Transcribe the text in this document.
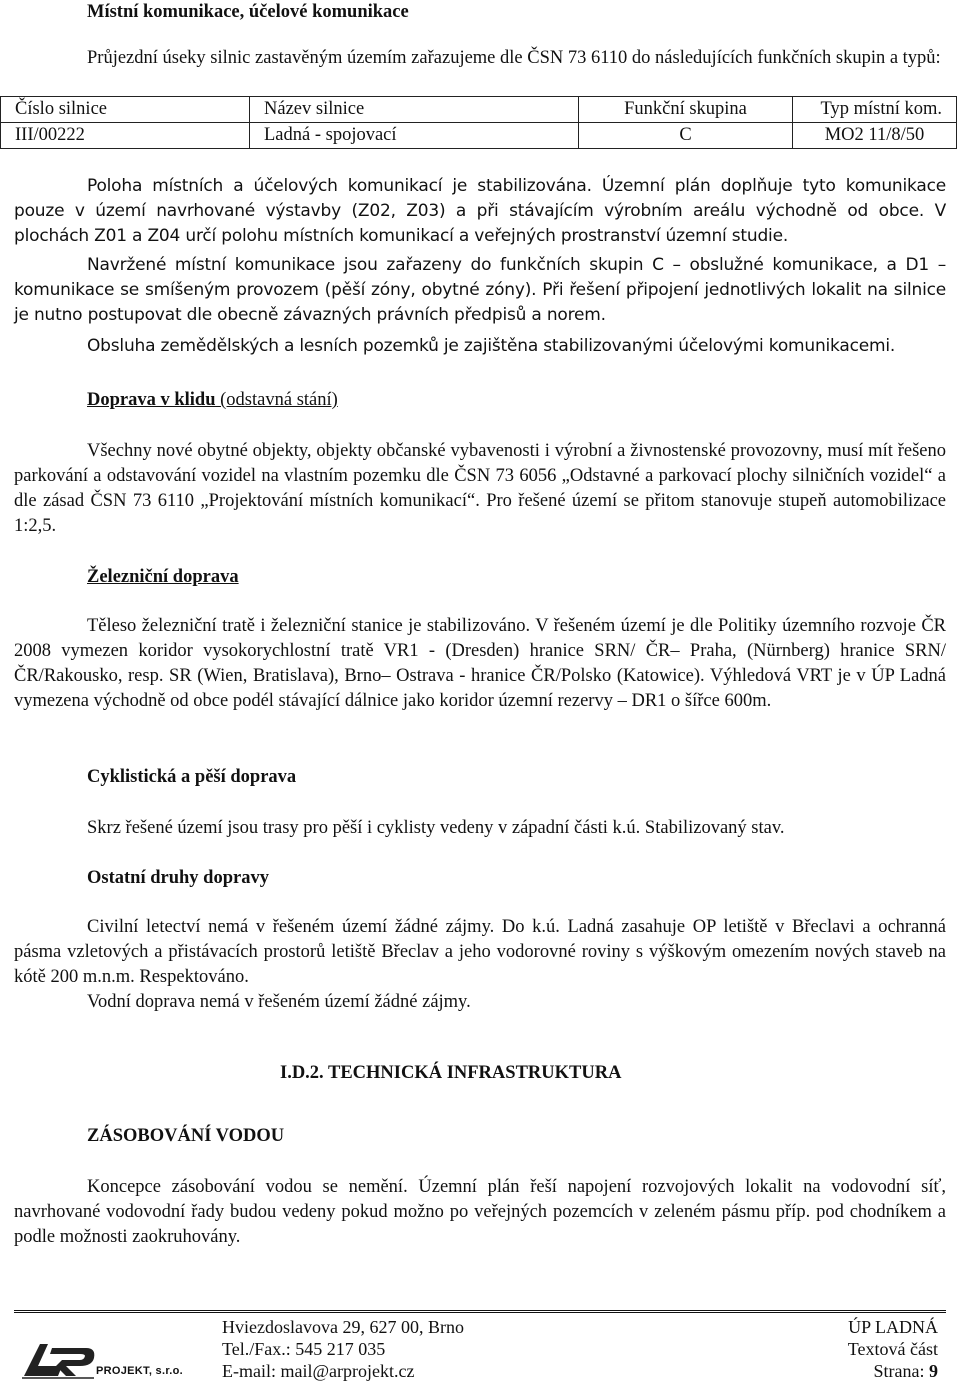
Místní komunikace, účelové komunikace
Průjezdní úseky silnic zastavěným územím zařazujeme dle ČSN 73 6110 do následujících funkčních skupin a typů:
Číslo silnice	Název silnice	Funkční skupina	Typ místní kom.
III/00222	Ladná - spojovací	C	MO2 11/8/50
Poloha místních a účelových komunikací je stabilizována. Územní plán doplňuje tyto komunikace pouze v území navrhované výstavby (Z02, Z03) a při stávajícím výrobním areálu východně od obce. V plochách Z01 a Z04 určí polohu místních komunikací a veřejných prostranství územní studie.
Navržené místní komunikace jsou zařazeny do funkčních skupin C – obslužné komunikace, a D1 – komunikace se smíšeným provozem (pěší zóny, obytné zóny). Při řešení připojení jednotlivých lokalit na silnice je nutno postupovat dle obecně závazných právních předpisů a norem.
Obsluha zemědělských a lesních pozemků je zajištěna stabilizovanými účelovými komunikacemi.
Doprava v klidu (odstavná stání)
Všechny nové obytné objekty, objekty občanské vybavenosti i výrobní a živnostenské provozovny, musí mít řešeno parkování a odstavování vozidel na vlastním pozemku dle ČSN 73 6056 „Odstavné a parkovací plochy silničních vozidel“ a dle zásad ČSN 73 6110 „Projektování místních komunikací“. Pro řešené území se přitom stanovuje stupeň automobilizace 1:2,5.
Železniční doprava
Těleso železniční tratě i železniční stanice je stabilizováno. V řešeném území je dle Politiky územního rozvoje ČR 2008 vymezen koridor vysokorychlostní tratě VR1 - (Dresden) hranice SRN/ ČR– Praha, (Nürnberg) hranice SRN/ČR/Rakousko, resp. SR (Wien, Bratislava), Brno– Ostrava - hranice ČR/Polsko (Katowice). Výhledová VRT je v ÚP Ladná vymezena východně od obce podél stávající dálnice jako koridor územní rezervy – DR1 o šířce 600m.
Cyklistická a pěší doprava
Skrz řešené území jsou trasy pro pěší i cyklisty vedeny v západní části k.ú. Stabilizovaný stav.
Ostatní druhy dopravy
Civilní letectví nemá v řešeném území žádné zájmy. Do k.ú. Ladná zasahuje OP letiště v Břeclavi a ochranná pásma vzletových a přistávacích prostorů letiště Břeclav a jeho vodorovné roviny s výškovým omezením nových staveb na kótě 200 m.n.m. Respektováno.
Vodní doprava nemá v řešeném území žádné zájmy.
I.D.2. TECHNICKÁ INFRASTRUKTURA
ZÁSOBOVÁNÍ VODOU
Koncepce zásobování vodou se nemění. Územní plán řeší napojení rozvojových lokalit na vodovodní síť, navrhované vodovodní řady budou vedeny pokud možno po veřejných pozemcích v zeleném pásmu příp. pod chodníkem a podle možnosti zaokruhovány.
PROJEKT, s.r.o.
Hviezdoslavova 29, 627 00, Brno
Tel./Fax.: 545 217 035
E-mail: mail@arprojekt.cz
ÚP LADNÁ
Textová část
Strana: 9
